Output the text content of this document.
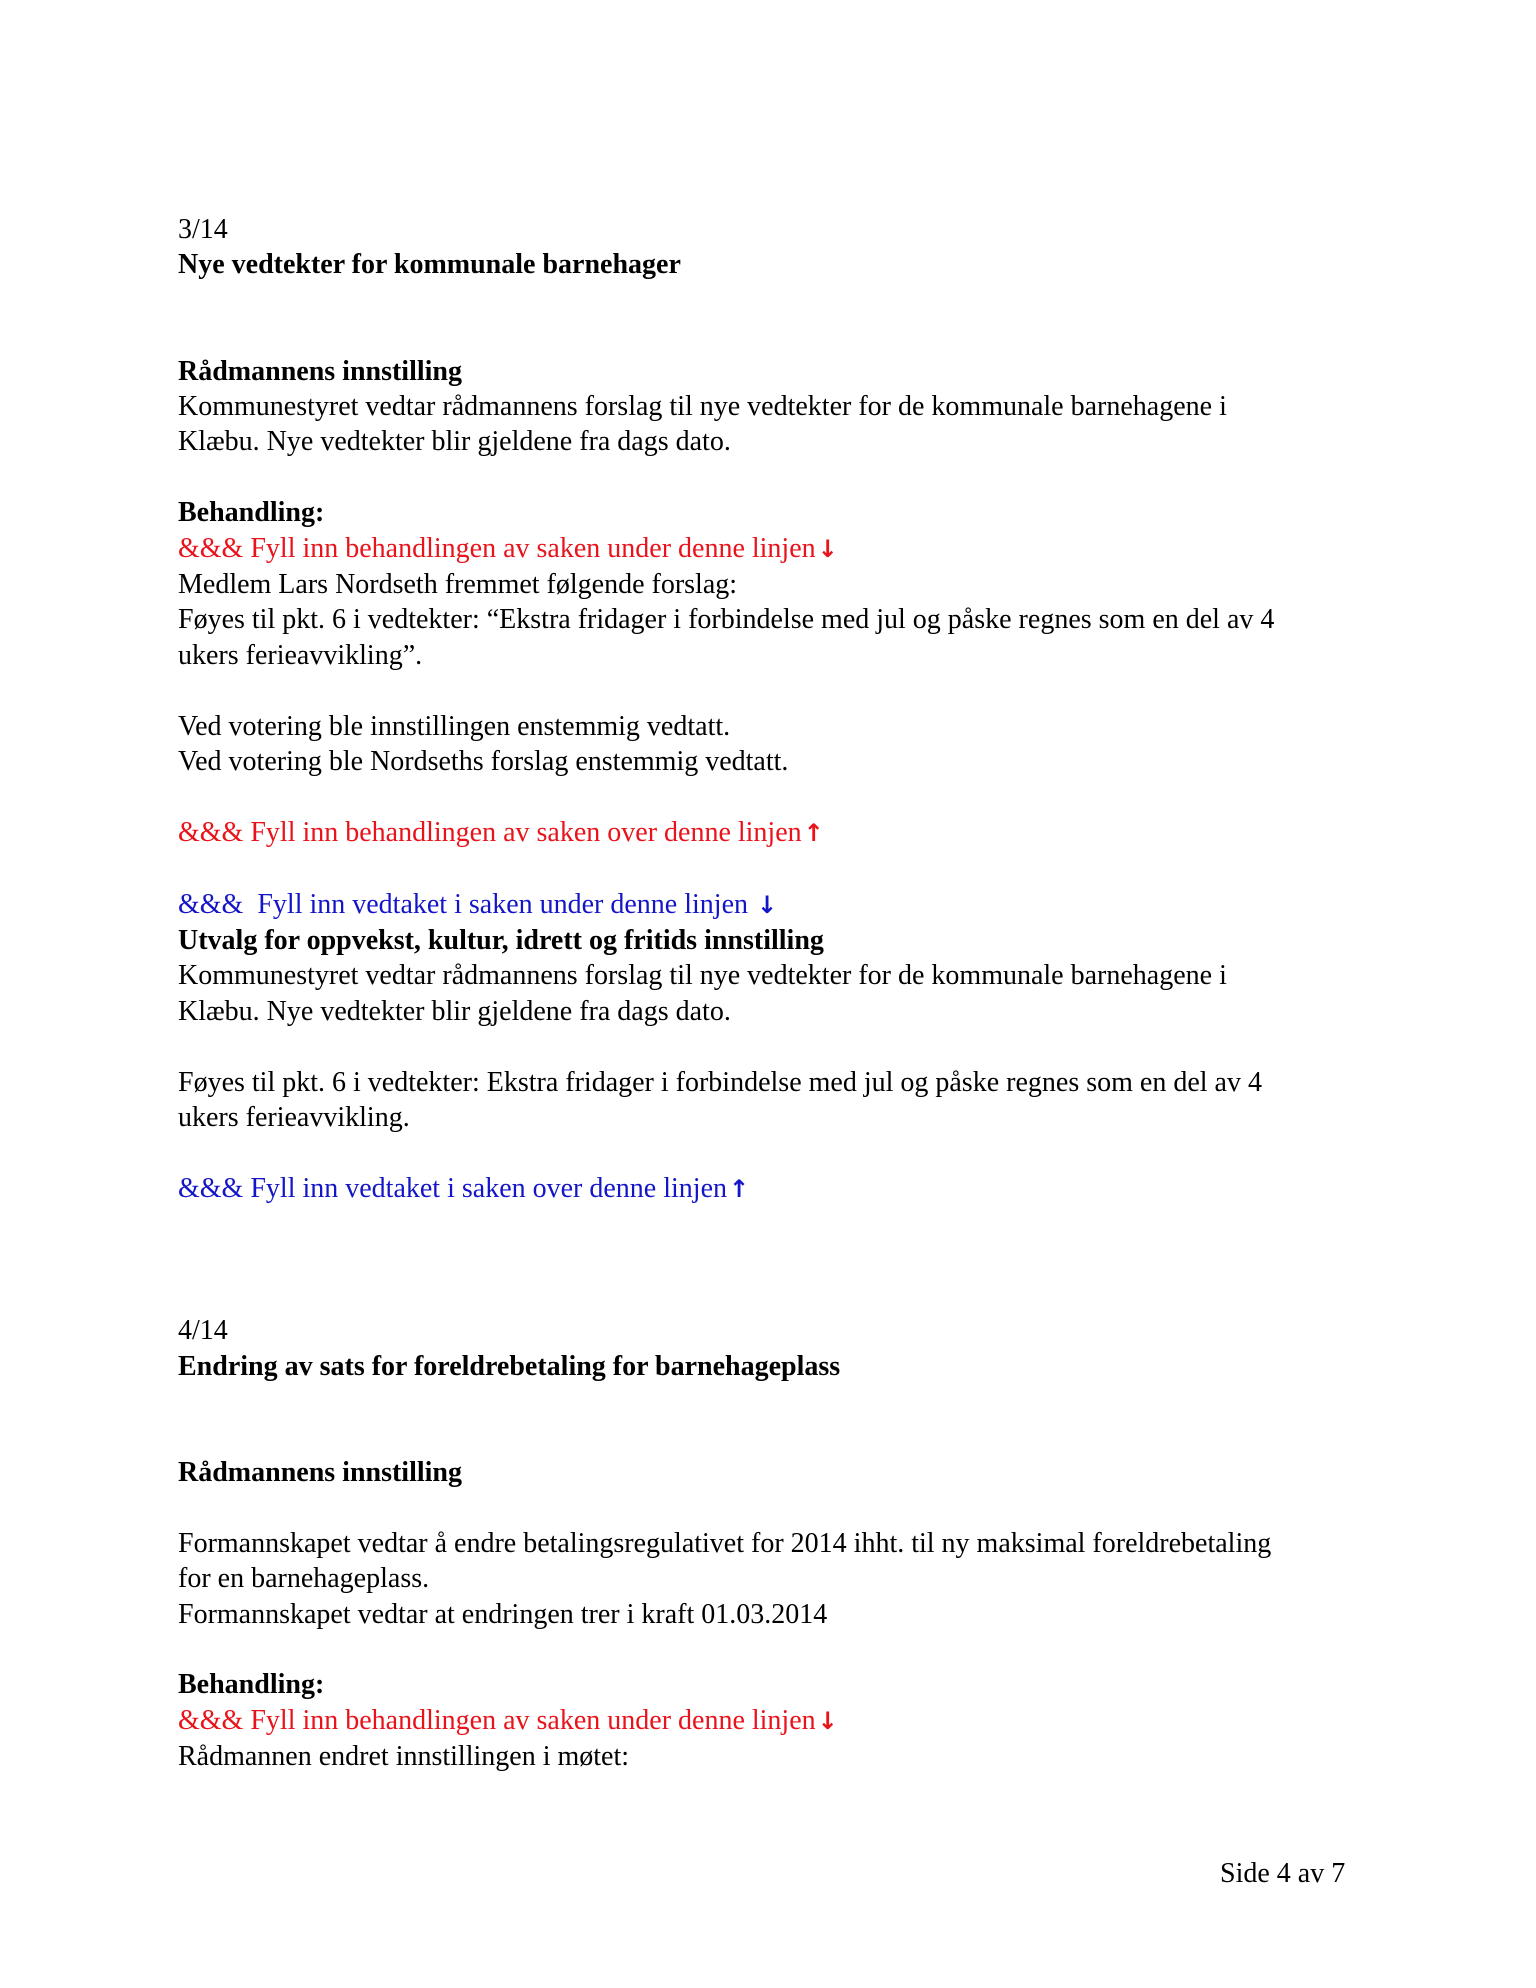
3/14
Nye vedtekter for kommunale barnehager
Rådmannens innstilling
Kommunestyret vedtar rådmannens forslag til nye vedtekter for de kommunale barnehagene i
Klæbu. Nye vedtekter blir gjeldene fra dags dato.
Behandling:
&&& Fyll inn behandlingen av saken under denne linjen↓
Medlem Lars Nordseth fremmet følgende forslag:
Føyes til pkt. 6 i vedtekter: “Ekstra fridager i forbindelse med jul og påske regnes som en del av 4
ukers ferieavvikling”.
Ved votering ble innstillingen enstemmig vedtatt.
Ved votering ble Nordseths forslag enstemmig vedtatt.
&&& Fyll inn behandlingen av saken over denne linjen↑
&&&  Fyll inn vedtaket i saken under denne linjen ↓
Utvalg for oppvekst, kultur, idrett og fritids innstilling
Kommunestyret vedtar rådmannens forslag til nye vedtekter for de kommunale barnehagene i
Klæbu. Nye vedtekter blir gjeldene fra dags dato.
Føyes til pkt. 6 i vedtekter: Ekstra fridager i forbindelse med jul og påske regnes som en del av 4
ukers ferieavvikling.
&&& Fyll inn vedtaket i saken over denne linjen↑
4/14
Endring av sats for foreldrebetaling for barnehageplass
Rådmannens innstilling
Formannskapet vedtar å endre betalingsregulativet for 2014 ihht. til ny maksimal foreldrebetaling
for en barnehageplass.
Formannskapet vedtar at endringen trer i kraft 01.03.2014
Behandling:
&&& Fyll inn behandlingen av saken under denne linjen↓
Rådmannen endret innstillingen i møtet:
Side 4 av 7
